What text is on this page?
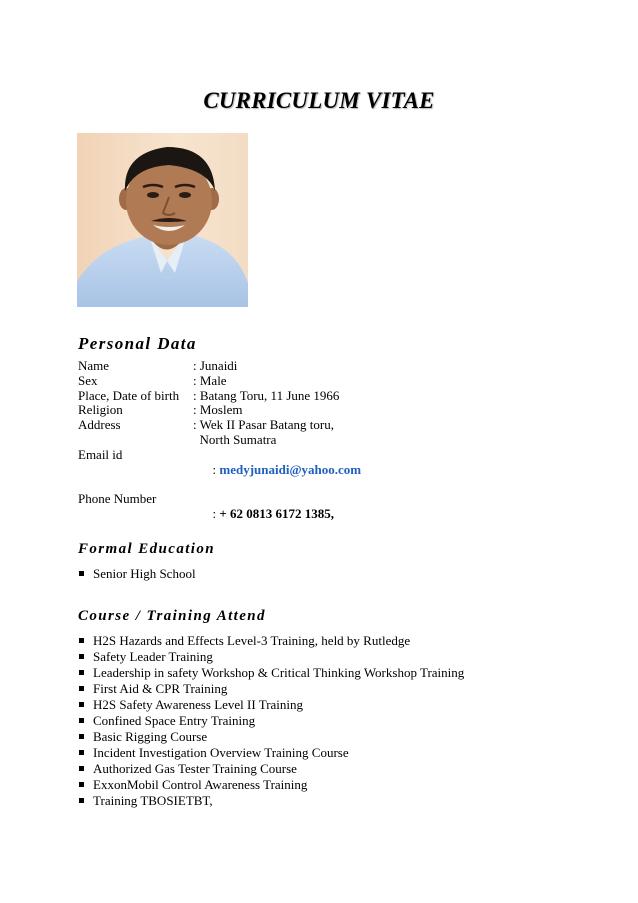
CURRICULUM VITAE
Personal Data
Name	: Junaidi
Sex	: Male
Place, Date of birth	: Batang Toru, 11 June 1966
Religion	: Moslem
Address	: Wek II Pasar Batang toru,
North Sumatra
Email id

: medyjunaidi@yahoo.com

Phone Number

: + 62 0813 6172 1385,

Formal Education
Senior High School
Course / Training Attend
H2S Hazards and Effects Level-3 Training, held by Rutledge
Safety Leader Training
Leadership in safety Workshop & Critical Thinking Workshop Training
First Aid & CPR Training
H2S Safety Awareness Level II Training
Confined Space Entry Training
Basic Rigging Course
Incident Investigation Overview Training Course
Authorized Gas Tester Training Course
ExxonMobil Control Awareness Training
Training TBOSIETBT,
